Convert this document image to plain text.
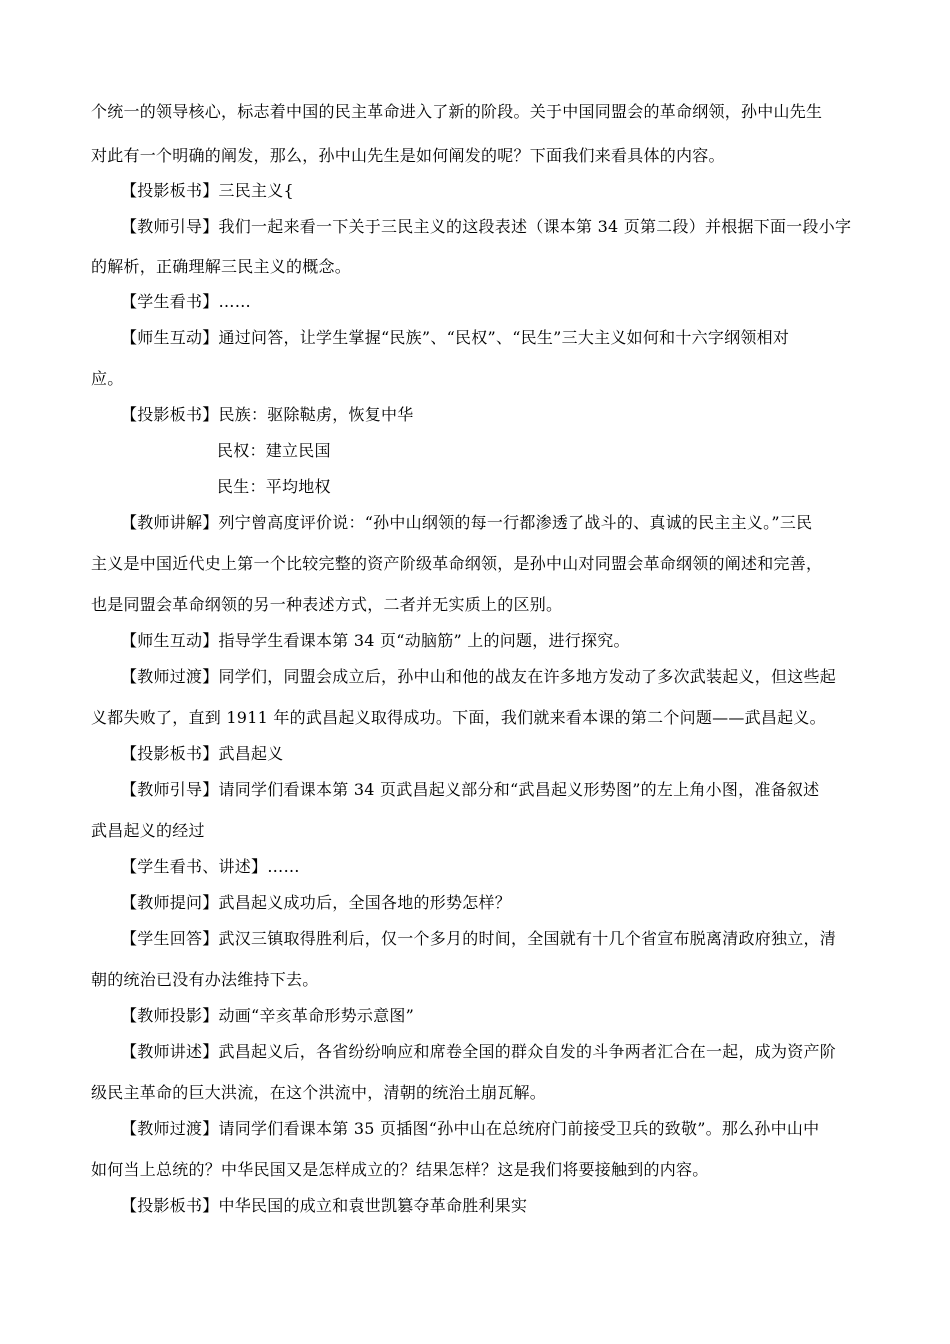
个统一的领导核心，标志着中国的民主革命进入了新的阶段。关于中国同盟会的革命纲领，孙中山先生
对此有一个明确的阐发，那么，孙中山先生是如何阐发的呢？下面我们来看具体的内容。
【投影板书】三民主义{
【教师引导】我们一起来看一下关于三民主义的这段表述（课本第 34 页第二段）并根据下面一段小字
的解析，正确理解三民主义的概念。
【学生看书】……
【师生互动】通过问答，让学生掌握“民族”、“民权”、“民生”三大主义如何和十六字纲领相对
应。
【投影板书】民族：驱除鞑虏，恢复中华
民权：建立民国
民生：平均地权
【教师讲解】列宁曾高度评价说：“孙中山纲领的每一行都渗透了战斗的、真诚的民主主义。”三民
主义是中国近代史上第一个比较完整的资产阶级革命纲领，是孙中山对同盟会革命纲领的阐述和完善，
也是同盟会革命纲领的另一种表述方式，二者并无实质上的区别。
【师生互动】指导学生看课本第 34 页“动脑筋” 上的问题，进行探究。
【教师过渡】同学们，同盟会成立后，孙中山和他的战友在许多地方发动了多次武装起义，但这些起
义都失败了，直到 1911 年的武昌起义取得成功。下面，我们就来看本课的第二个问题——武昌起义。
【投影板书】武昌起义
【教师引导】请同学们看课本第 34 页武昌起义部分和“武昌起义形势图”的左上角小图，准备叙述
武昌起义的经过
【学生看书、讲述】……
【教师提问】武昌起义成功后，全国各地的形势怎样？
【学生回答】武汉三镇取得胜利后，仅一个多月的时间，全国就有十几个省宣布脱离清政府独立，清
朝的统治已没有办法维持下去。
【教师投影】动画“辛亥革命形势示意图”
【教师讲述】武昌起义后，各省纷纷响应和席卷全国的群众自发的斗争两者汇合在一起，成为资产阶
级民主革命的巨大洪流，在这个洪流中，清朝的统治土崩瓦解。
【教师过渡】请同学们看课本第 35 页插图“孙中山在总统府门前接受卫兵的致敬”。那么孙中山中
如何当上总统的？中华民国又是怎样成立的？结果怎样？这是我们将要接触到的内容。
【投影板书】中华民国的成立和袁世凯篡夺革命胜利果实
